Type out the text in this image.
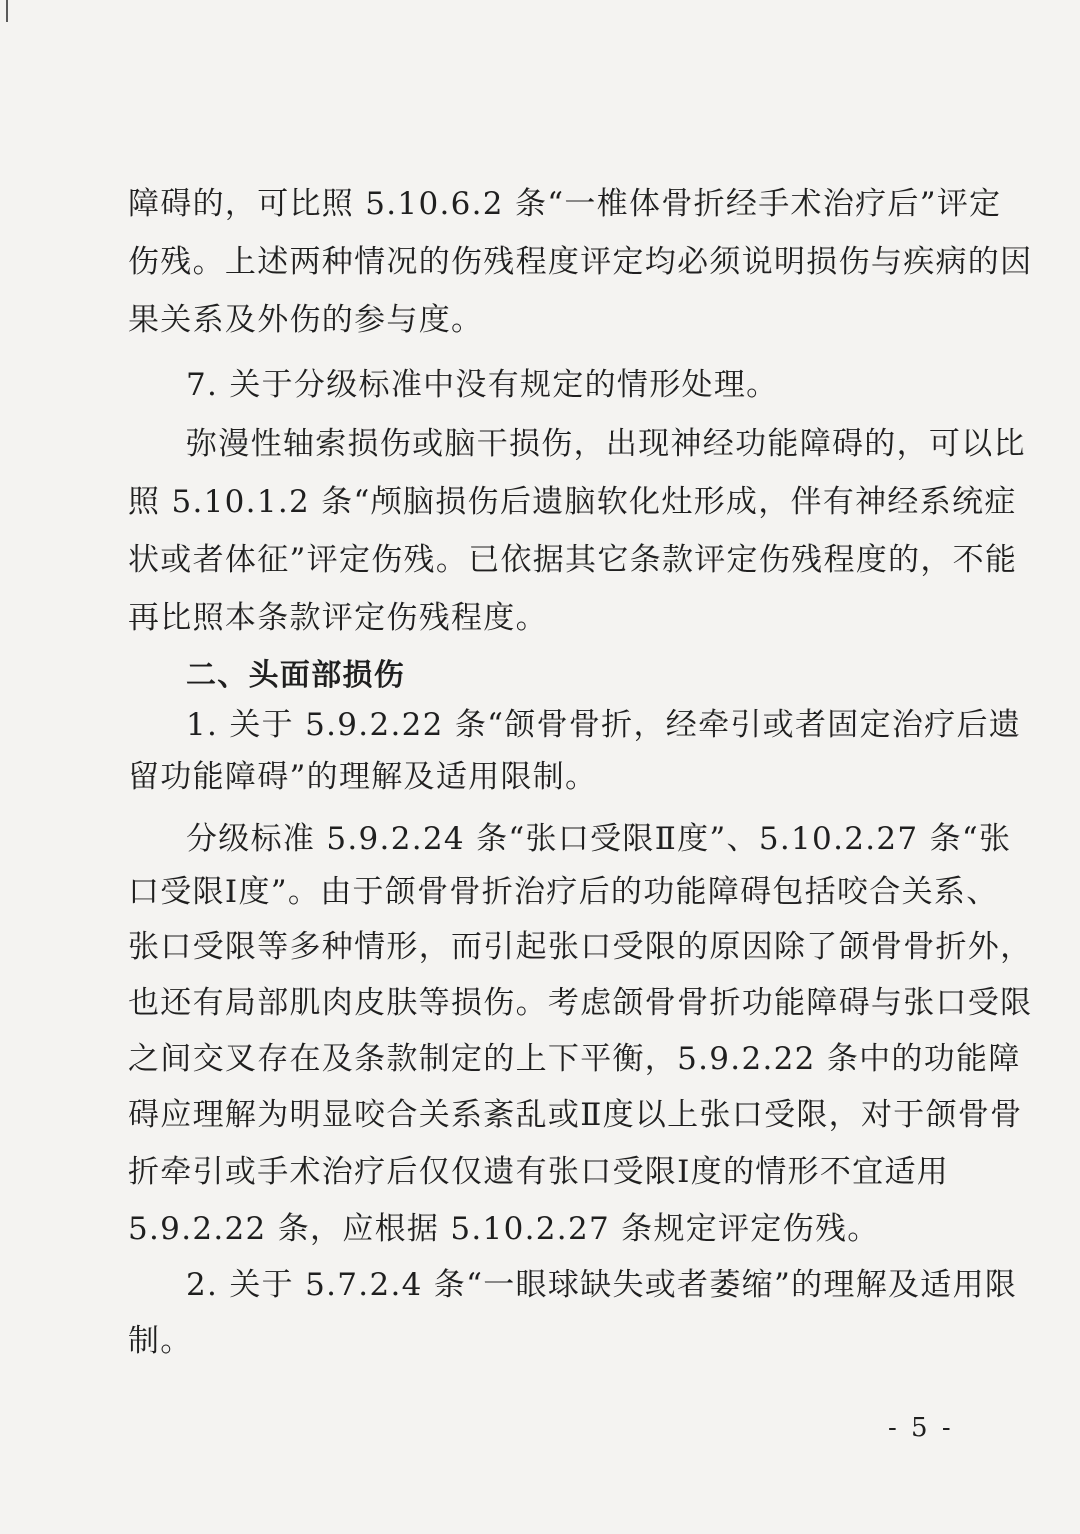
障碍的，可比照 5.10.6.2 条“一椎体骨折经手术治疗后”评定
伤残。上述两种情况的伤残程度评定均必须说明损伤与疾病的因
果关系及外伤的参与度。
7. 关于分级标准中没有规定的情形处理。
弥漫性轴索损伤或脑干损伤，出现神经功能障碍的，可以比
照 5.10.1.2 条“颅脑损伤后遗脑软化灶形成，伴有神经系统症
状或者体征”评定伤残。已依据其它条款评定伤残程度的，不能
再比照本条款评定伤残程度。
二、头面部损伤
1. 关于 5.9.2.22 条“颌骨骨折，经牵引或者固定治疗后遗
留功能障碍”的理解及适用限制。
分级标准 5.9.2.24 条“张口受限Ⅱ度”、5.10.2.27 条“张
口受限Ⅰ度”。由于颌骨骨折治疗后的功能障碍包括咬合关系、
张口受限等多种情形，而引起张口受限的原因除了颌骨骨折外，
也还有局部肌肉皮肤等损伤。考虑颌骨骨折功能障碍与张口受限
之间交叉存在及条款制定的上下平衡，5.9.2.22 条中的功能障
碍应理解为明显咬合关系紊乱或Ⅱ度以上张口受限，对于颌骨骨
折牵引或手术治疗后仅仅遗有张口受限Ⅰ度的情形不宜适用
5.9.2.22 条，应根据 5.10.2.27 条规定评定伤残。
2. 关于 5.7.2.4 条“一眼球缺失或者萎缩”的理解及适用限
制。
- 5 -
